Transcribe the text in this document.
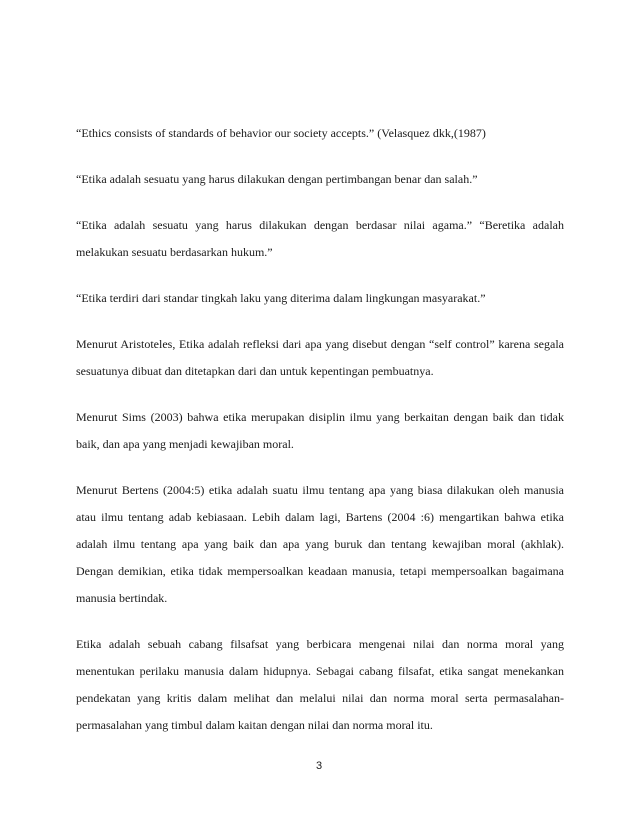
“Ethics consists of standards of behavior our society accepts.” (Velasquez dkk,(1987)

“Etika adalah sesuatu yang harus dilakukan dengan pertimbangan benar dan salah.”

“Etika adalah sesuatu yang harus dilakukan dengan berdasar nilai agama.” “Beretika adalah melakukan sesuatu berdasarkan hukum.”

“Etika terdiri dari standar tingkah laku yang diterima dalam lingkungan masyarakat.”

Menurut Aristoteles, Etika adalah refleksi dari apa yang disebut dengan “self control” karena segala sesuatunya dibuat dan ditetapkan dari dan untuk kepentingan pembuatnya.

Menurut Sims (2003) bahwa etika merupakan disiplin ilmu yang berkaitan dengan baik dan tidak baik, dan apa yang menjadi kewajiban moral.

Menurut Bertens (2004:5) etika adalah suatu ilmu tentang apa yang biasa dilakukan oleh manusia atau ilmu tentang adab kebiasaan. Lebih dalam lagi, Bartens (2004 :6) mengartikan bahwa etika adalah ilmu tentang apa yang baik dan apa yang buruk dan tentang kewajiban moral (akhlak). Dengan demikian, etika tidak mempersoalkan keadaan manusia, tetapi mempersoalkan bagaimana manusia bertindak.

Etika adalah sebuah cabang filsafsat yang berbicara mengenai nilai dan norma moral yang menentukan perilaku manusia dalam hidupnya. Sebagai cabang filsafat, etika sangat menekankan pendekatan yang kritis dalam melihat dan melalui nilai dan norma moral serta permasalahan-permasalahan yang timbul dalam kaitan dengan nilai dan norma moral itu.

3
